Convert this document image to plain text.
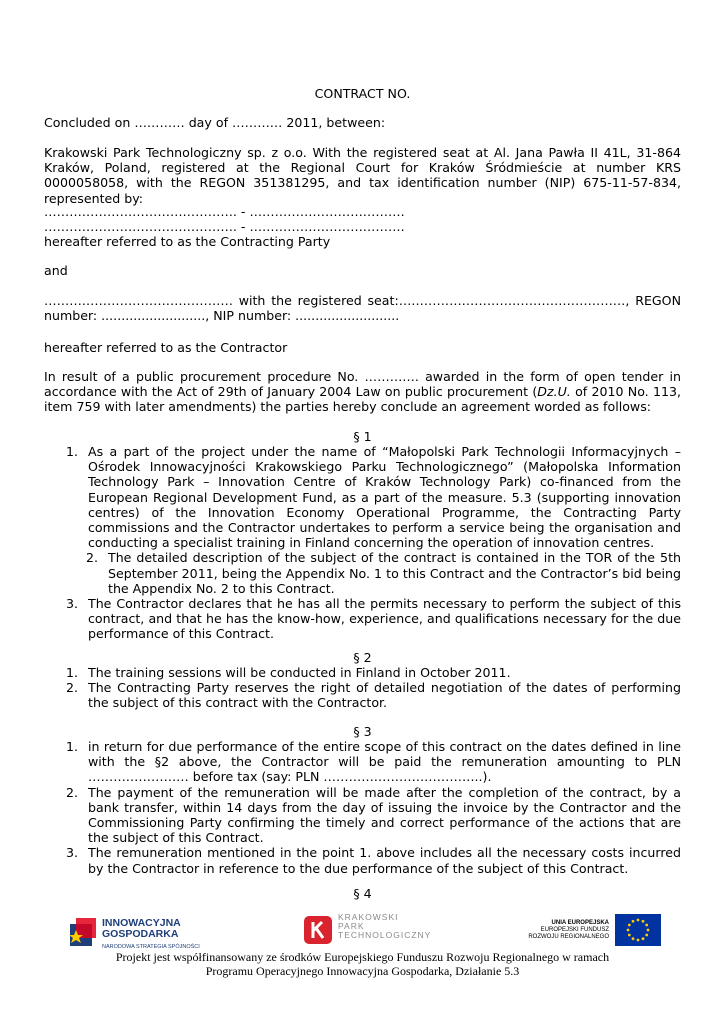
CONTRACT NO.

Concluded on ………… day of ………… 2011, between:

Krakowski Park Technologiczny sp. z o.o. With the registered seat at Al. Jana Pawła II 41L, 31-864 Kraków, Poland, registered at the Regional Court for Kraków Śródmieście at number KRS 0000058058, with the REGON 351381295, and tax identification number (NIP) 675-11-57-834, represented by:

………………………………………. - ……………………………….

………………………………………. - ……………………………….

hereafter referred to as the Contracting Party

and

……………………………………… with the registered seat:………………………………………………, REGON number: .........................., NIP number: ..........................

hereafter referred to as the Contractor

In result of a public procurement procedure No. …………. awarded in the form of open tender in accordance with the Act of 29th of January 2004 Law on public procurement (Dz.U. of 2010 No. 113, item 759 with later amendments) the parties hereby conclude an agreement worded as follows:

§ 1
1. As a part of the project under the name of “Małopolski Park Technologii Informacyjnych – Ośrodek Innowacyjności Krakowskiego Parku Technologicznego” (Małopolska Information Technology Park – Innovation Centre of Kraków Technology Park) co-financed from the European Regional Development Fund, as a part of the measure. 5.3 (supporting innovation centres) of the Innovation Economy Operational Programme, the Contracting Party commissions and the Contractor undertakes to perform a service being the organisation and conducting a specialist training in Finland concerning the operation of innovation centres.
2. The detailed description of the subject of the contract is contained in the TOR of the 5th September 2011, being the Appendix No. 1 to this Contract and the Contractor’s bid being the Appendix No. 2 to this Contract.
3. The Contractor declares that he has all the permits necessary to perform the subject of this contract, and that he has the know-how, experience, and qualifications necessary for the due performance of this Contract.
§ 2
1. The training sessions will be conducted in Finland in October 2011.
2. The Contracting Party reserves the right of detailed negotiation of the dates of performing the subject of this contract with the Contractor.
§ 3
1. in return for due performance of the entire scope of this contract on the dates defined in line with the §2 above, the Contractor will be paid the remuneration amounting to PLN …………………… before tax (say: PLN ………………………………..).
2. The payment of the remuneration will be made after the completion of the contract, by a bank transfer, within 14 days from the day of issuing the invoice by the Contractor and the Commissioning Party confirming the timely and correct performance of the actions that are the subject of this Contract.
3. The remuneration mentioned in the point 1. above includes all the necessary costs incurred by the Contractor in reference to the due performance of the subject of this Contract.
§ 4
INNOWACYJNA
GOSPODARKA
NARODOWA STRATEGIA SPÓJNOŚCI
KRAKOWSKI
PARK
TECHNOLOGICZNY
UNIA EUROPEJSKA
EUROPEJSKI FUNDUSZ
ROZWOJU REGIONALNEGO
Projekt jest współfinansowany ze środków Europejskiego Funduszu Rozwoju Regionalnego w ramach
Programu Operacyjnego Innowacyjna Gospodarka, Działanie 5.3
